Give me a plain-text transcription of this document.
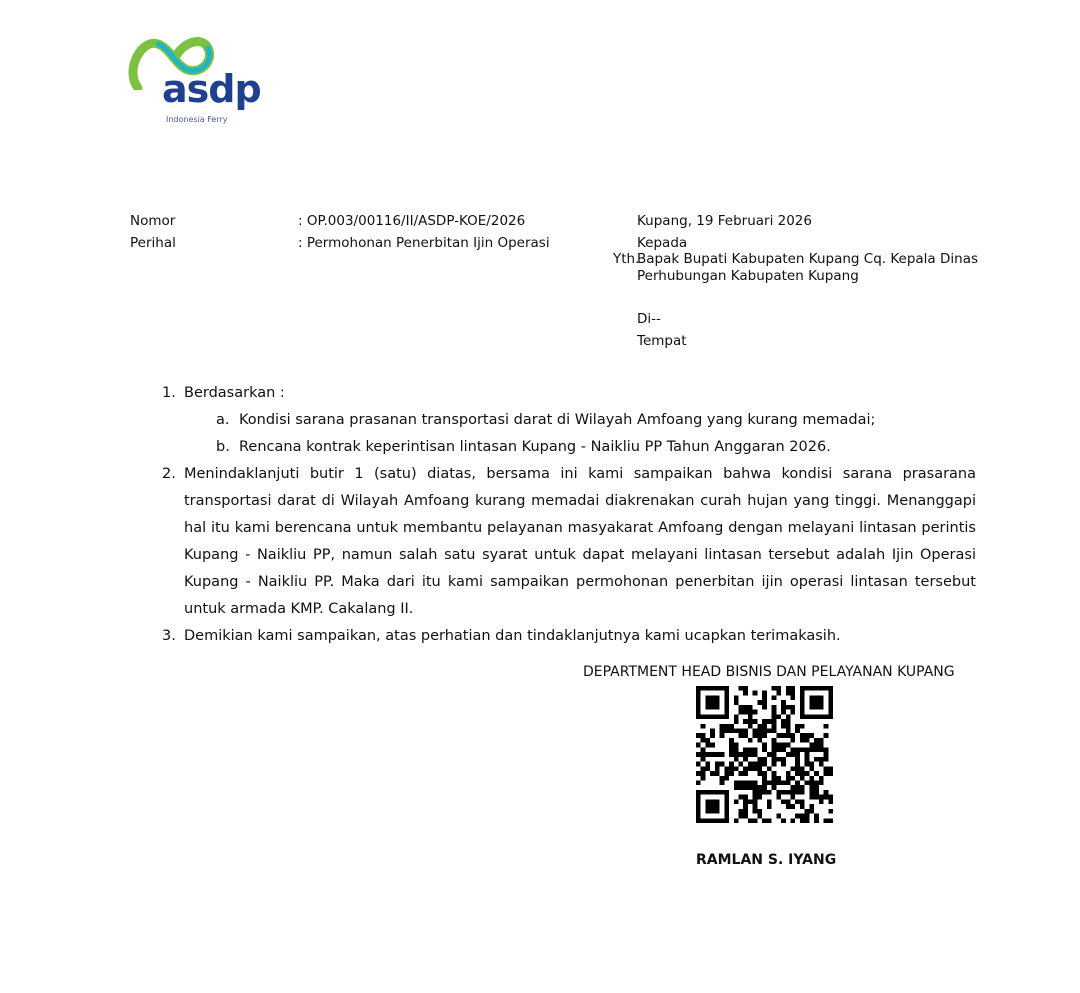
asdp
Indonesia Ferry
Nomor	: OP.003/00116/II/ASDP-KOE/2026
Perihal	: Permohonan Penerbitan Ijin Operasi
Kupang, 19 Februari 2026
Kepada
Yth.
Bapak Bupati Kabupaten Kupang Cq. Kepala Dinas
Perhubungan Kabupaten Kupang
Di--
Tempat
1. Berdasarkan :
a. Kondisi sarana prasanan transportasi darat di Wilayah Amfoang yang kurang memadai;
b. Rencana kontrak keperintisan lintasan Kupang - Naikliu PP Tahun Anggaran 2026.
2. Menindaklanjuti butir 1 (satu) diatas, bersama ini kami sampaikan bahwa kondisi sarana prasarana transportasi darat di Wilayah Amfoang kurang memadai diakrenakan curah hujan yang tinggi. Menanggapi hal itu kami berencana untuk membantu pelayanan masyakarat Amfoang dengan melayani lintasan perintis Kupang - Naikliu PP, namun salah satu syarat untuk dapat melayani lintasan tersebut adalah Ijin Operasi Kupang - Naikliu PP. Maka dari itu kami sampaikan permohonan penerbitan ijin operasi lintasan tersebut untuk armada KMP. Cakalang II.
3. Demikian kami sampaikan, atas perhatian dan tindaklanjutnya kami ucapkan terimakasih.
DEPARTMENT HEAD BISNIS DAN PELAYANAN KUPANG
RAMLAN S. IYANG
